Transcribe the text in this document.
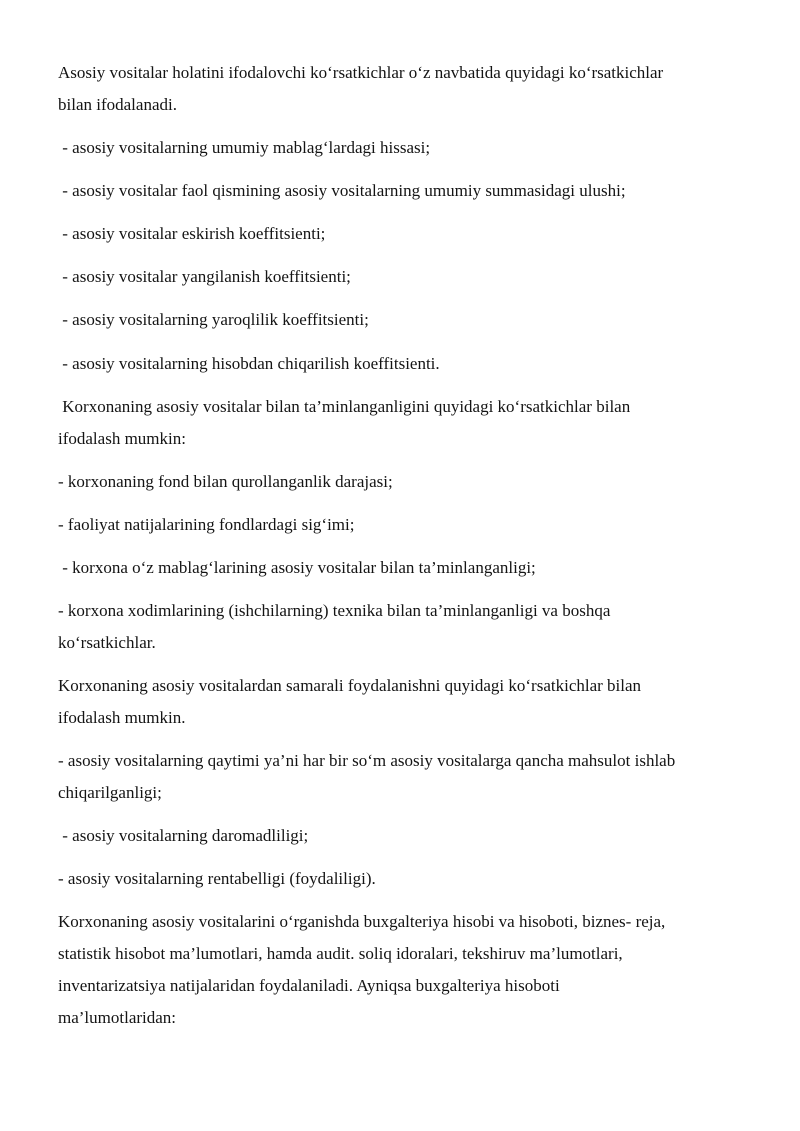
Asosiy vositalar holatini ifodalovchi ko‘rsatkichlar o‘z navbatida quyidagi ko‘rsatkichlar
bilan ifodalanadi.
- asosiy vositalarning umumiy mablag‘lardagi hissasi;
- asosiy vositalar faol qismining asosiy vositalarning umumiy summasidagi ulushi;
- asosiy vositalar eskirish koeffitsienti;
- asosiy vositalar yangilanish koeffitsienti;
- asosiy vositalarning yaroqlilik koeffitsienti;
- asosiy vositalarning hisobdan chiqarilish koeffitsienti.
Korxonaning asosiy vositalar bilan ta’minlanganligini quyidagi ko‘rsatkichlar bilan
ifodalash mumkin:
- korxonaning fond bilan qurollanganlik darajasi;
- faoliyat natijalarining fondlardagi sig‘imi;
- korxona o‘z mablag‘larining asosiy vositalar bilan ta’minlanganligi;
- korxona xodimlarining (ishchilarning) texnika bilan ta’minlanganligi va boshqa
ko‘rsatkichlar.
Korxonaning asosiy vositalardan samarali foydalanishni quyidagi ko‘rsatkichlar bilan
ifodalash mumkin.
- asosiy vositalarning qaytimi ya’ni har bir so‘m asosiy vositalarga qancha mahsulot ishlab
chiqarilganligi;
- asosiy vositalarning daromadliligi;
- asosiy vositalarning rentabelligi (foydaliligi).
Korxonaning asosiy vositalarini o‘rganishda buxgalteriya hisobi va hisoboti, biznes- reja,
statistik hisobot ma’lumotlari, hamda audit. soliq idoralari, tekshiruv ma’lumotlari,
inventarizatsiya natijalaridan foydalaniladi. Ayniqsa buxgalteriya hisoboti
ma’lumotlaridan:
